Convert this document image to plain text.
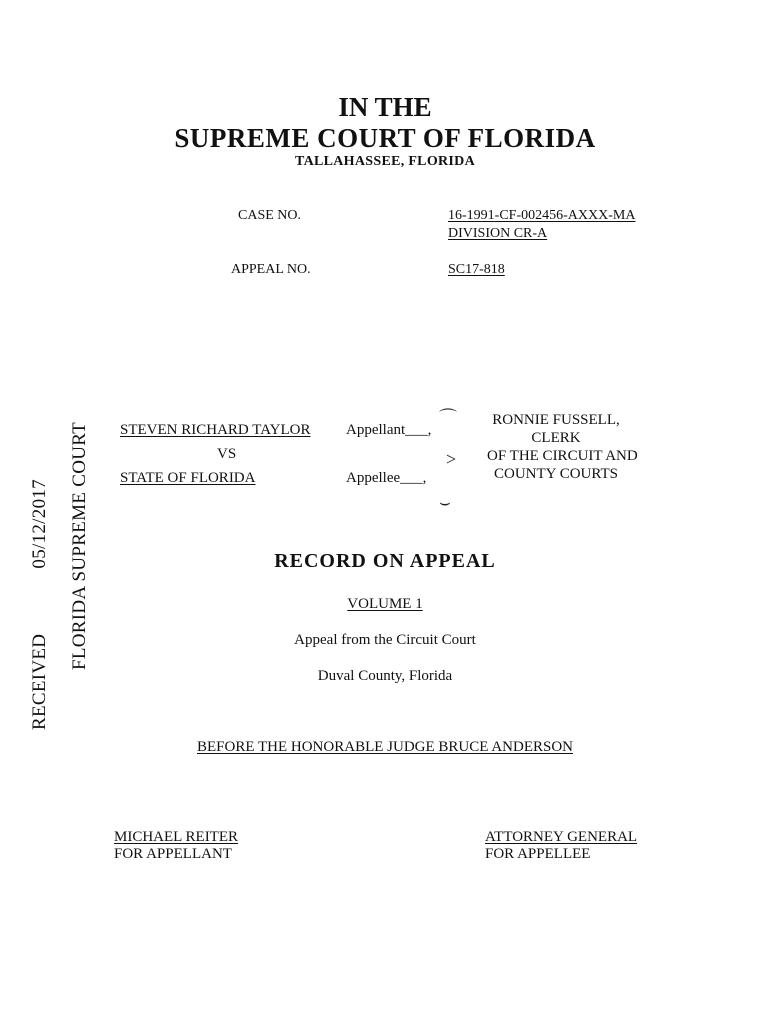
RECEIVED 05/12/2017 FLORIDA SUPREME COURT
IN THE
SUPREME COURT OF FLORIDA
TALLAHASSEE, FLORIDA
CASE NO.	16-1991-CF-002456-AXXX-MA
DIVISION CR-A
APPEAL NO.	SC17-818
STEVEN RICHARD TAYLOR Appellant___,
VS
STATE OF FLORIDA	Appellee___,
⌒
>
⌣
RONNIE FUSSELL,
CLERK
OF THE CIRCUIT AND
COUNTY COURTS
RECORD ON APPEAL
VOLUME 1
Appeal from the Circuit Court
Duval County, Florida
BEFORE THE HONORABLE JUDGE BRUCE ANDERSON
MICHAEL REITER
FOR APPELLANT
ATTORNEY GENERAL
FOR APPELLEE
